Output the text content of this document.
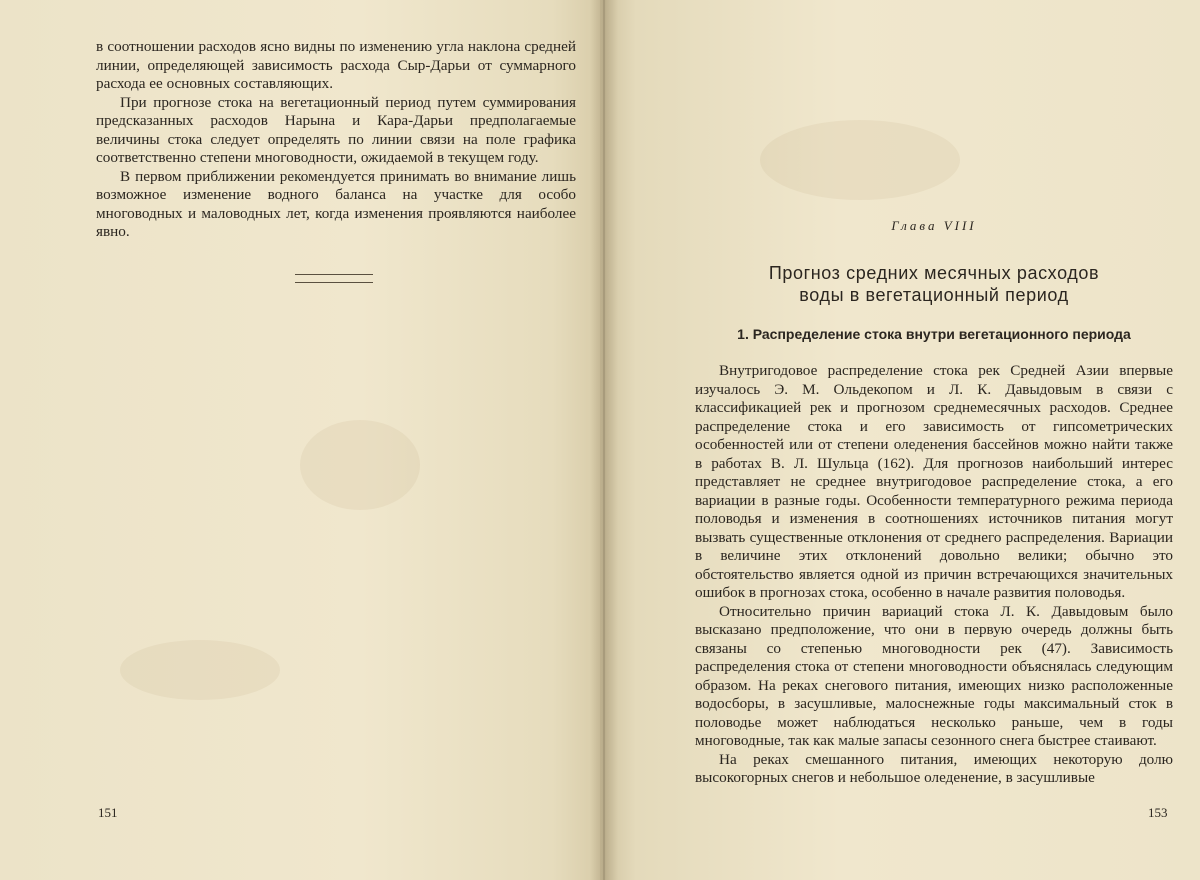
в соотношении расходов ясно видны по изменению угла наклона средней линии, определяющей зависимость расхода Сыр-Дарьи от суммарного расхода ее основных составляющих.

При прогнозе стока на вегетационный период путем суммирования предсказанных расходов Нарына и Кара-Дарьи предполагаемые величины стока следует определять по линии связи на поле графика соответственно степени многоводности, ожидаемой в текущем году.

В первом приближении рекомендуется принимать во внимание лишь возможное изменение водного баланса на участке для особо многоводных и маловодных лет, когда изменения проявляются наиболее явно.

151
Глава VIII
Прогноз средних месячных расходов
воды в вегетационный период
1. Распределение стока внутри вегетационного периода

Внутригодовое распределение стока рек Средней Азии впервые изучалось Э. М. Ольдекопом и Л. К. Давыдовым в связи с классификацией рек и прогнозом среднемесячных расходов. Среднее распределение стока и его зависимость от гипсометрических особенностей или от степени оледенения бассейнов можно найти также в работах В. Л. Шульца (162). Для прогнозов наибольший интерес представляет не среднее внутригодовое распределение стока, а его вариации в разные годы. Особенности температурного режима периода половодья и изменения в соотношениях источников питания могут вызвать существенные отклонения от среднего распределения. Вариации в величине этих отклонений довольно велики; обычно это обстоятельство является одной из причин встречающихся значительных ошибок в прогнозах стока, особенно в начале развития половодья.

Относительно причин вариаций стока Л. К. Давыдовым было высказано предположение, что они в первую очередь должны быть связаны со степенью многоводности рек (47). Зависимость распределения стока от степени многоводности объяснялась следующим образом. На реках снегового питания, имеющих низко расположенные водосборы, в засушливые, малоснежные годы максимальный сток в половодье может наблюдаться несколько раньше, чем в годы многоводные, так как малые запасы сезонного снега быстрее стаивают.

На реках смешанного питания, имеющих некоторую долю высокогорных снегов и небольшое оледенение, в засушливые

153
